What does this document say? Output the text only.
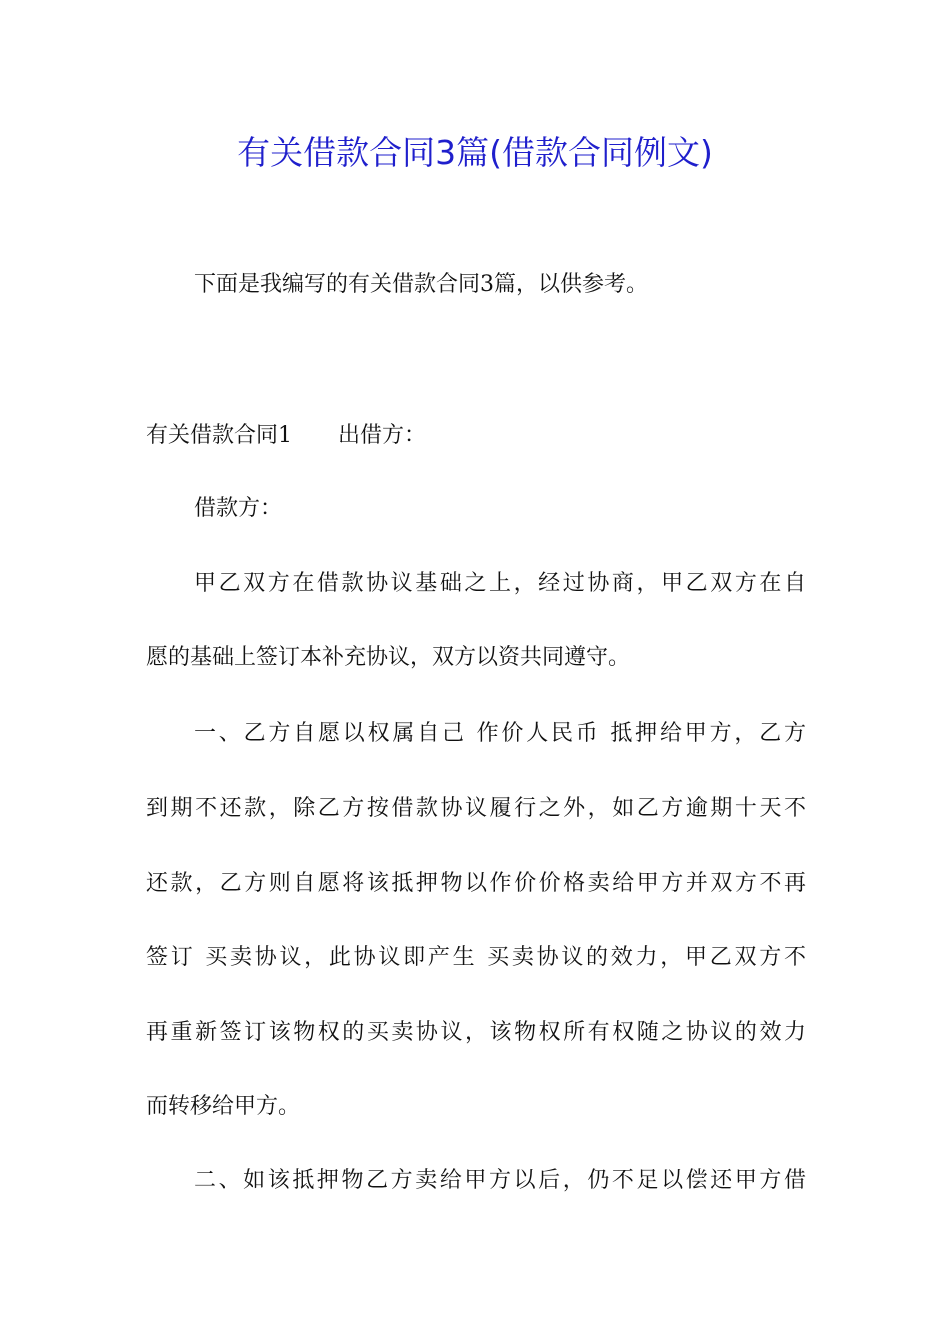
有关借款合同3篇(借款合同例文)
下面是我编写的有关借款合同3篇，以供参考。
有关借款合同1 出借方：
借款方：
甲乙双方在借款协议基础之上，经过协商，甲乙双方在自
愿的基础上签订本补充协议，双方以资共同遵守。
一、乙方自愿以权属自己 作价人民币 抵押给甲方，乙方
到期不还款，除乙方按借款协议履行之外，如乙方逾期十天不
还款，乙方则自愿将该抵押物以作价价格卖给甲方并双方不再
签订 买卖协议，此协议即产生 买卖协议的效力，甲乙双方不
再重新签订该物权的买卖协议，该物权所有权随之协议的效力
而转移给甲方。
二、如该抵押物乙方卖给甲方以后，仍不足以偿还甲方借
